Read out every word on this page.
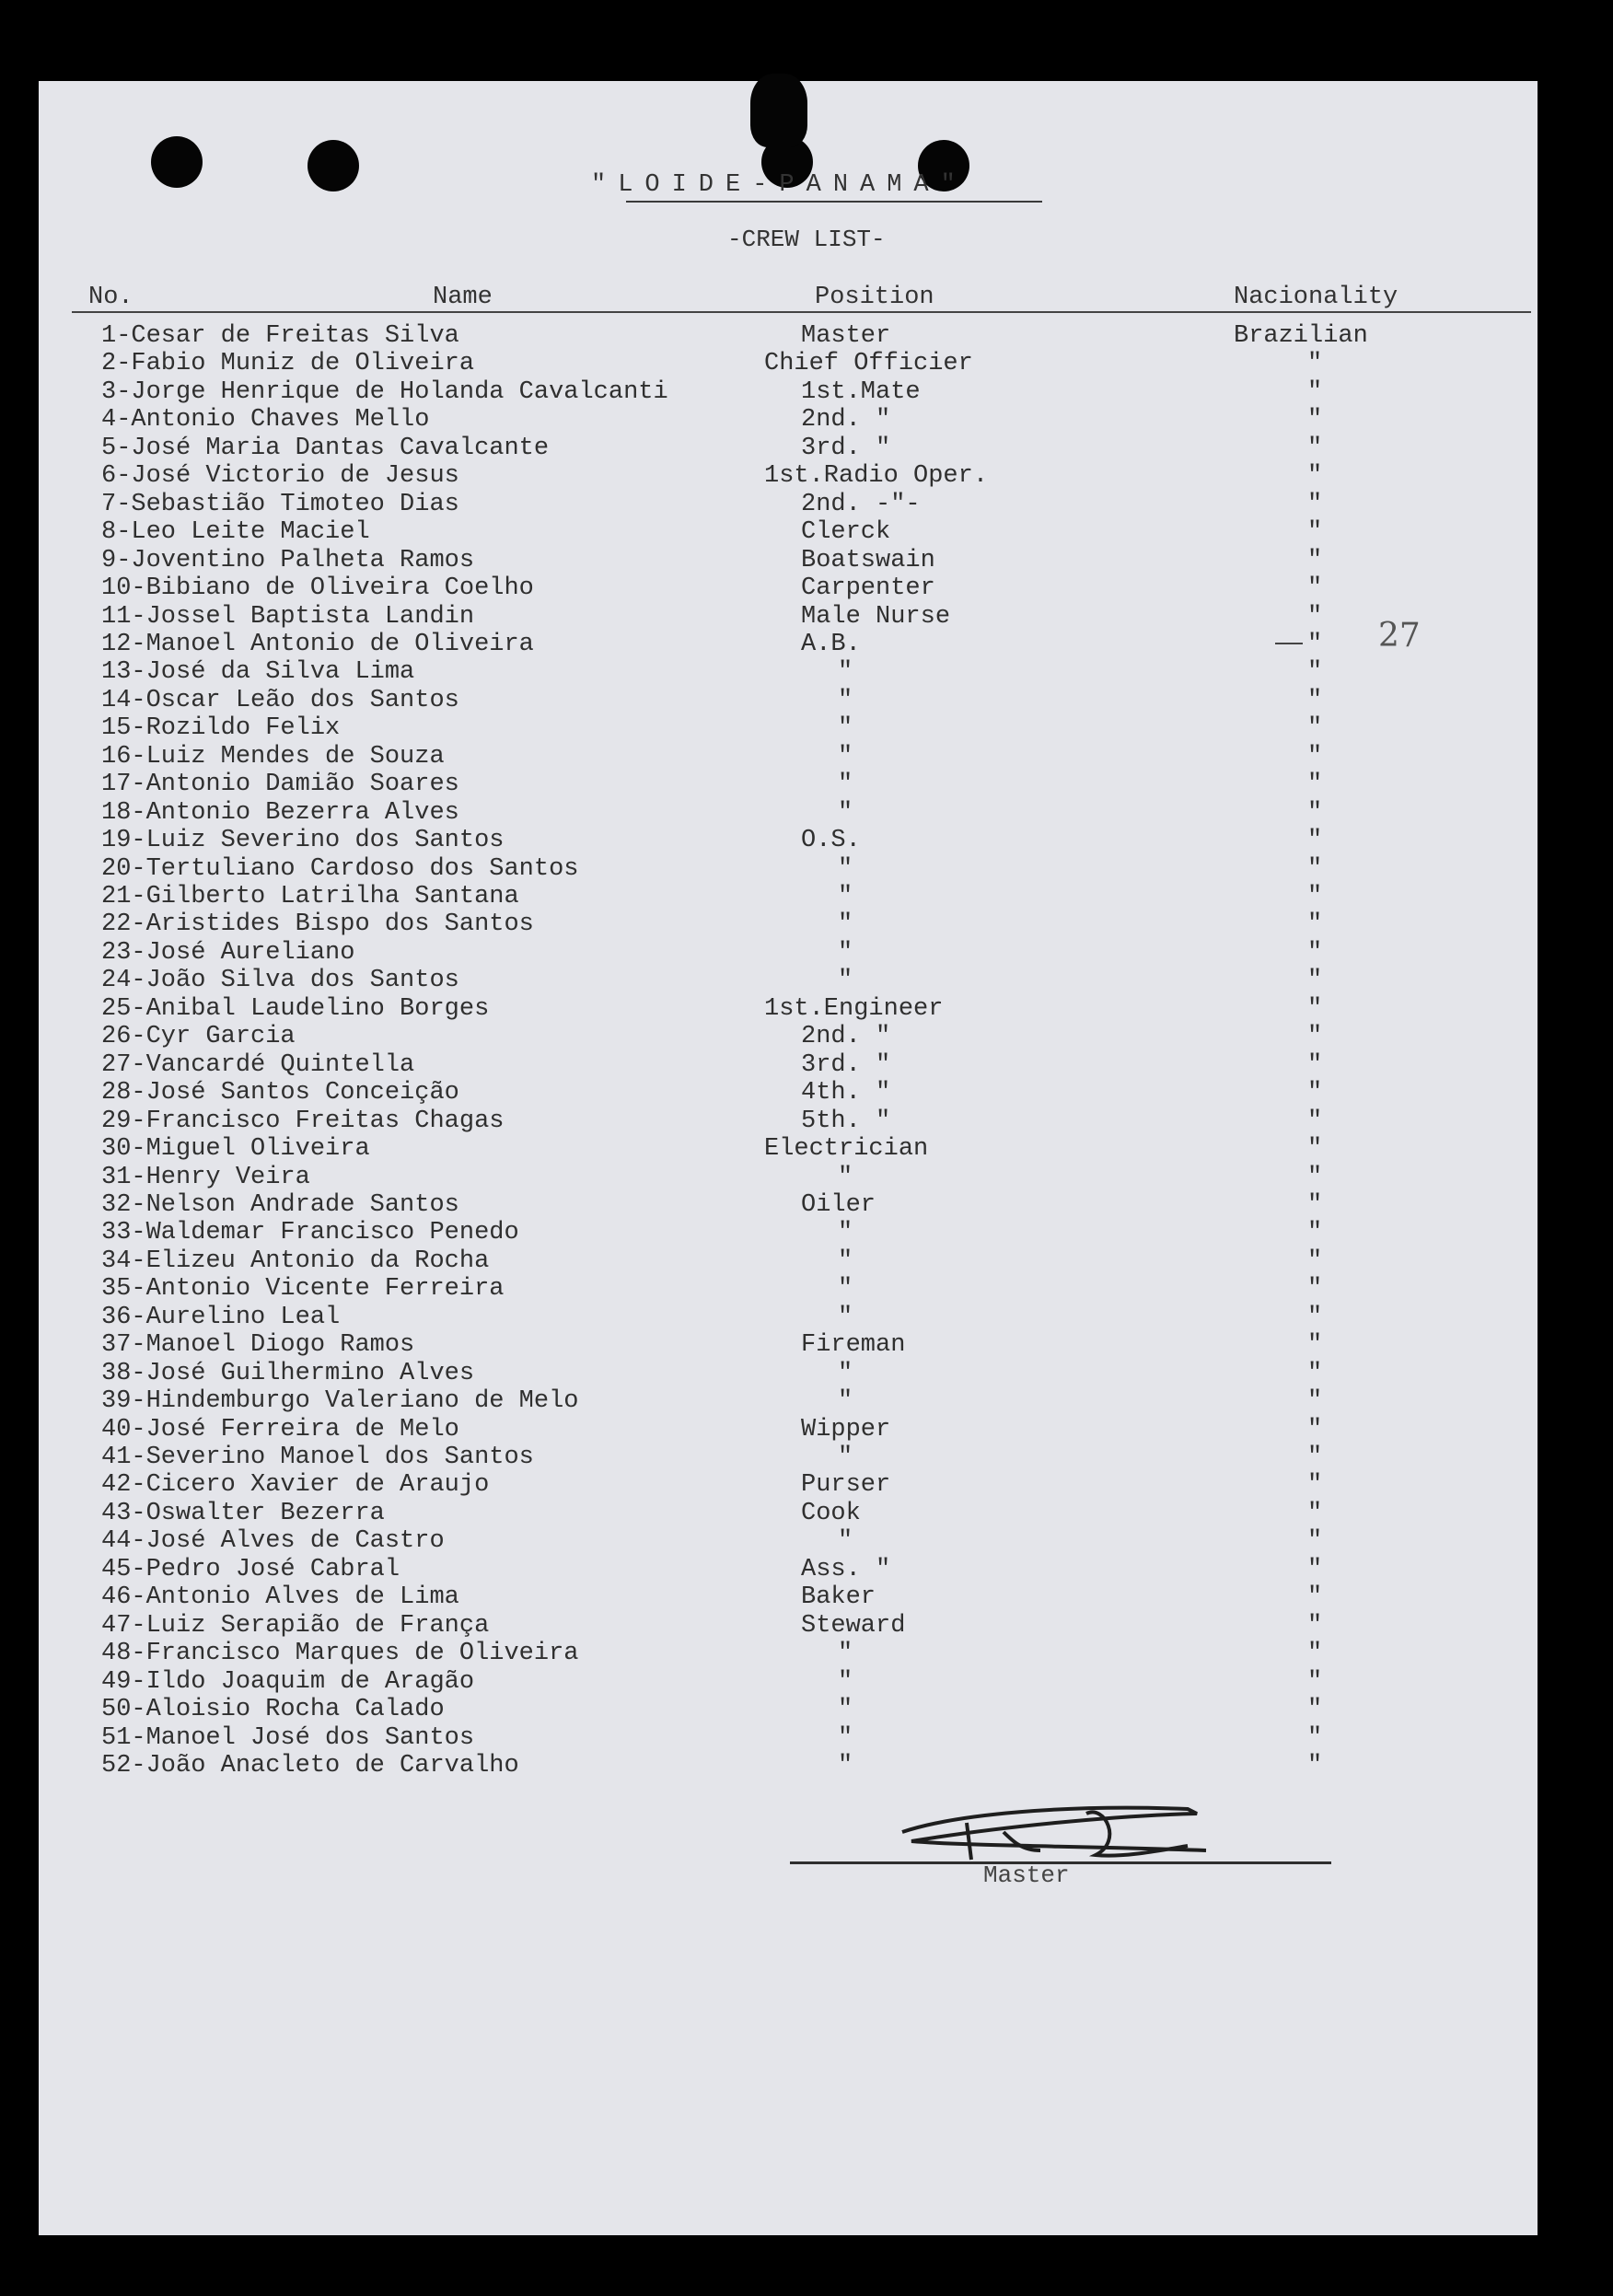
"LOIDE-PANAMA"
-CREW LIST-
No.	Name	Position	Nacionality
1-Cesar de Freitas Silva	Master	Brazilian
2-Fabio Muniz de Oliveira	Chief Officier	"
3-Jorge Henrique de Holanda Cavalcanti	1st.Mate	"
4-Antonio Chaves Mello	2nd. "	"
5-José Maria Dantas Cavalcante	3rd. "	"
6-José Victorio de Jesus	1st.Radio Oper.	"
7-Sebastião Timoteo Dias	2nd. -"-	"
8-Leo Leite Maciel	Clerck	"
9-Joventino Palheta Ramos	Boatswain	"
10-Bibiano de Oliveira Coelho	Carpenter	"
11-Jossel Baptista Landin	Male Nurse	"
12-Manoel Antonio de Oliveira	A.B.	"
13-José da Silva Lima	"	"
14-Oscar Leão dos Santos	"	"
15-Rozildo Felix	"	"
16-Luiz Mendes de Souza	"	"
17-Antonio Damião Soares	"	"
18-Antonio Bezerra Alves	"	"
19-Luiz Severino dos Santos	O.S.	"
20-Tertuliano Cardoso dos Santos	"	"
21-Gilberto Latrilha Santana	"	"
22-Aristides Bispo dos Santos	"	"
23-José Aureliano	"	"
24-João Silva dos Santos	"	"
25-Anibal Laudelino Borges	1st.Engineer	"
26-Cyr Garcia	2nd. "	"
27-Vancardé Quintella	3rd. "	"
28-José Santos Conceição	4th. "	"
29-Francisco Freitas Chagas	5th. "	"
30-Miguel Oliveira	Electrician	"
31-Henry Veira	"	"
32-Nelson Andrade Santos	Oiler	"
33-Waldemar Francisco Penedo	"	"
34-Elizeu Antonio da Rocha	"	"
35-Antonio Vicente Ferreira	"	"
36-Aurelino Leal	"	"
37-Manoel Diogo Ramos	Fireman	"
38-José Guilhermino Alves	"	"
39-Hindemburgo Valeriano de Melo	"	"
40-José Ferreira de Melo	Wipper	"
41-Severino Manoel dos Santos	"	"
42-Cicero Xavier de Araujo	Purser	"
43-Oswalter Bezerra	Cook	"
44-José Alves de Castro	"	"
45-Pedro José Cabral	Ass. "	"
46-Antonio Alves de Lima	Baker	"
47-Luiz Serapião de França	Steward	"
48-Francisco Marques de Oliveira	"	"
49-Ildo Joaquim de Aragão	"	"
50-Aloisio Rocha Calado	"	"
51-Manoel José dos Santos	"	"
52-João Anacleto de Carvalho	"	"
27
Master
